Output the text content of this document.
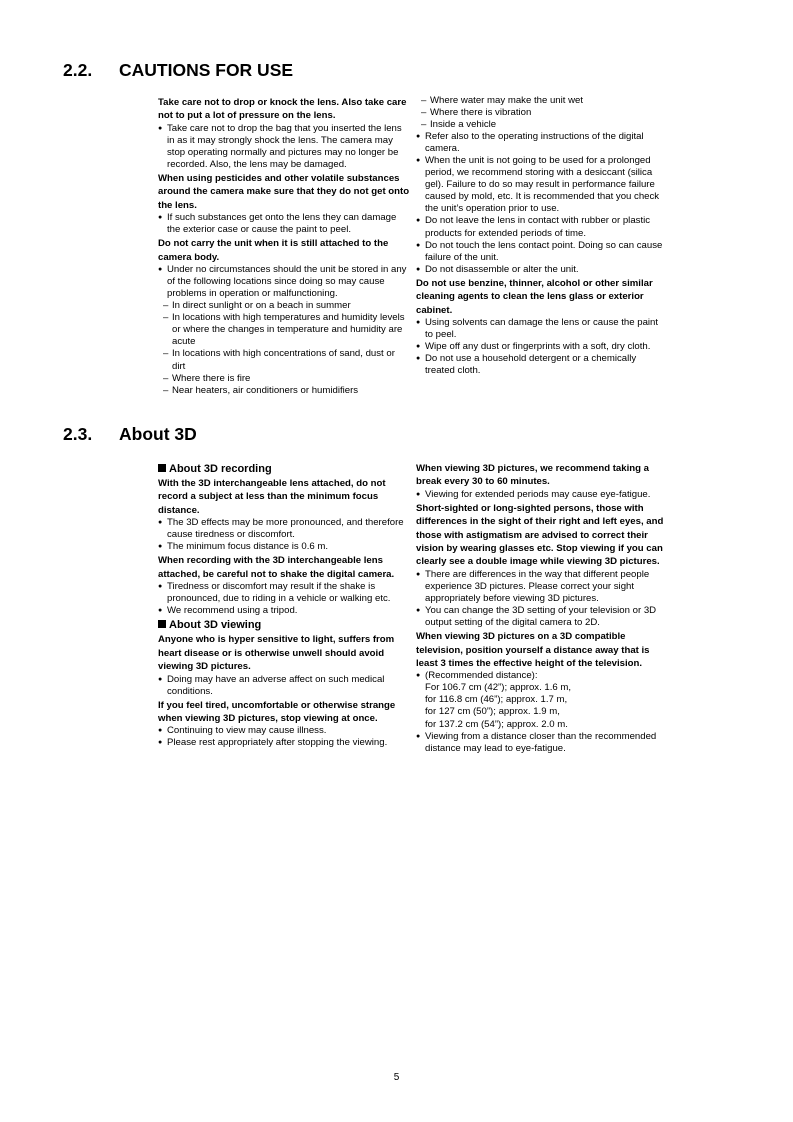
2.2. CAUTIONS FOR USE

Take care not to drop or knock the lens. Also take care not to put a lot of pressure on the lens.

● Take care not to drop the bag that you inserted the lens in as it may strongly shock the lens. The camera may stop operating normally and pictures may no longer be recorded. Also, the lens may be damaged.

When using pesticides and other volatile substances around the camera make sure that they do not get onto the lens.

● If such substances get onto the lens they can damage the exterior case or cause the paint to peel.

Do not carry the unit when it is still attached to the camera body.

● Under no circumstances should the unit be stored in any of the following locations since doing so may cause problems in operation or malfunctioning.

– In direct sunlight or on a beach in summer

– In locations with high temperatures and humidity levels or where the changes in temperature and humidity are acute

– In locations with high concentrations of sand, dust or dirt

– Where there is fire

– Near heaters, air conditioners or humidifiers

– Where water may make the unit wet

– Where there is vibration

– Inside a vehicle

● Refer also to the operating instructions of the digital camera.

● When the unit is not going to be used for a prolonged period, we recommend storing with a desiccant (silica gel). Failure to do so may result in performance failure caused by mold, etc. It is recommended that you check the unit’s operation prior to use.

● Do not leave the lens in contact with rubber or plastic products for extended periods of time.

● Do not touch the lens contact point. Doing so can cause failure of the unit.

● Do not disassemble or alter the unit.

Do not use benzine, thinner, alcohol or other similar cleaning agents to clean the lens glass or exterior cabinet.

● Using solvents can damage the lens or cause the paint to peel.

● Wipe off any dust or fingerprints with a soft, dry cloth.

● Do not use a household detergent or a chemically treated cloth.

2.3. About 3D

About 3D recording

With the 3D interchangeable lens attached, do not record a subject at less than the minimum focus distance.

● The 3D effects may be more pronounced, and therefore cause tiredness or discomfort.

● The minimum focus distance is 0.6 m.

When recording with the 3D interchangeable lens attached, be careful not to shake the digital camera.

● Tiredness or discomfort may result if the shake is pronounced, due to riding in a vehicle or walking etc.

● We recommend using a tripod.

About 3D viewing

Anyone who is hyper sensitive to light, suffers from heart disease or is otherwise unwell should avoid viewing 3D pictures.

● Doing may have an adverse affect on such medical conditions.

If you feel tired, uncomfortable or otherwise strange when viewing 3D pictures, stop viewing at once.

● Continuing to view may cause illness.

● Please rest appropriately after stopping the viewing.

When viewing 3D pictures, we recommend taking a break every 30 to 60 minutes.

● Viewing for extended periods may cause eye-fatigue.

Short-sighted or long-sighted persons, those with differences in the sight of their right and left eyes, and those with astigmatism are advised to correct their vision by wearing glasses etc. Stop viewing if you can clearly see a double image while viewing 3D pictures.

● There are differences in the way that different people experience 3D pictures. Please correct your sight appropriately before viewing 3D pictures.

● You can change the 3D setting of your television or 3D output setting of the digital camera to 2D.

When viewing 3D pictures on a 3D compatible television, position yourself a distance away that is least 3 times the effective height of the television.

● (Recommended distance):

For 106.7 cm (42”); approx. 1.6 m,

for 116.8 cm (46”); approx. 1.7 m,

for 127 cm (50”); approx. 1.9 m,

for 137.2 cm (54”); approx. 2.0 m.

● Viewing from a distance closer than the recommended distance may lead to eye-fatigue.

5
